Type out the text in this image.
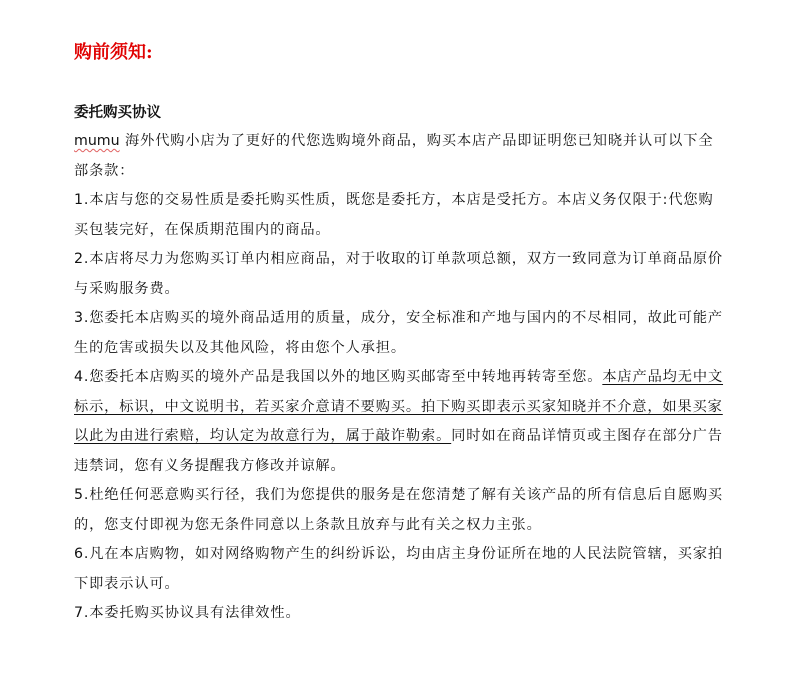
购前须知:
委托购买协议

mumu 海外代购小店为了更好的代您选购境外商品，购买本店产品即证明您已知晓并认可以下全部条款：

1.本店与您的交易性质是委托购买性质，既您是委托方，本店是受托方。本店义务仅限于:代您购买包装完好，在保质期范围内的商品。

2.本店将尽力为您购买订单内相应商品，对于收取的订单款项总额，双方一致同意为订单商品原价与采购服务费。

3.您委托本店购买的境外商品适用的质量，成分，安全标准和产地与国内的不尽相同，故此可能产生的危害或损失以及其他风险，将由您个人承担。

4.您委托本店购买的境外产品是我国以外的地区购买邮寄至中转地再转寄至您。本店产品均无中文标示，标识，中文说明书，若买家介意请不要购买。拍下购买即表示买家知晓并不介意，如果买家以此为由进行索赔，均认定为故意行为，属于敲诈勒索。同时如在商品详情页或主图存在部分广告违禁词，您有义务提醒我方修改并谅解。

5.杜绝任何恶意购买行径，我们为您提供的服务是在您清楚了解有关该产品的所有信息后自愿购买的，您支付即视为您无条件同意以上条款且放弃与此有关之权力主张。

6.凡在本店购物，如对网络购物产生的纠纷诉讼，均由店主身份证所在地的人民法院管辖，买家拍下即表示认可。

7.本委托购买协议具有法律效性。
